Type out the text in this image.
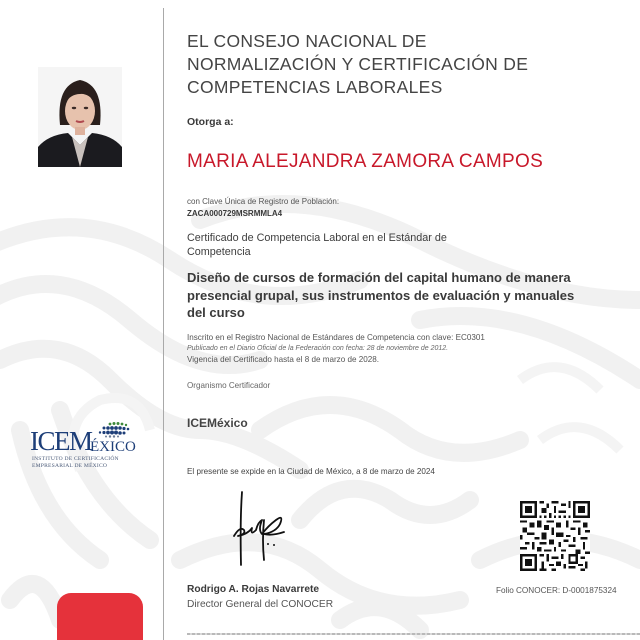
ICEM
ÉXICO
INSTITUTO DE CERTIFICACIÓN
EMPRESARIAL DE MÉXICO
EL CONSEJO NACIONAL DE NORMALIZACIÓN Y CERTIFICACIÓN DE COMPETENCIAS LABORALES
Otorga a:
MARIA ALEJANDRA ZAMORA CAMPOS
con Clave Única de Registro de Población:
ZACA000729MSRMMLA4
Certificado de Competencia Laboral en el Estándar de Competencia
Diseño de cursos de formación del capital humano de manera presencial grupal, sus instrumentos de evaluación y manuales del curso
Inscrito en el Registro Nacional de Estándares de Competencia con clave: EC0301
Publicado en el Diario Oficial de la Federación con fecha: 28 de noviembre de 2012.
Vigencia del Certificado hasta el 8 de marzo de 2028.
Organismo Certificador
ICEMéxico
El presente se expide en la Ciudad de México, a 8 de marzo de 2024
Rodrigo A. Rojas Navarrete
Director General del CONOCER
Folio CONOCER: D-0001875324
